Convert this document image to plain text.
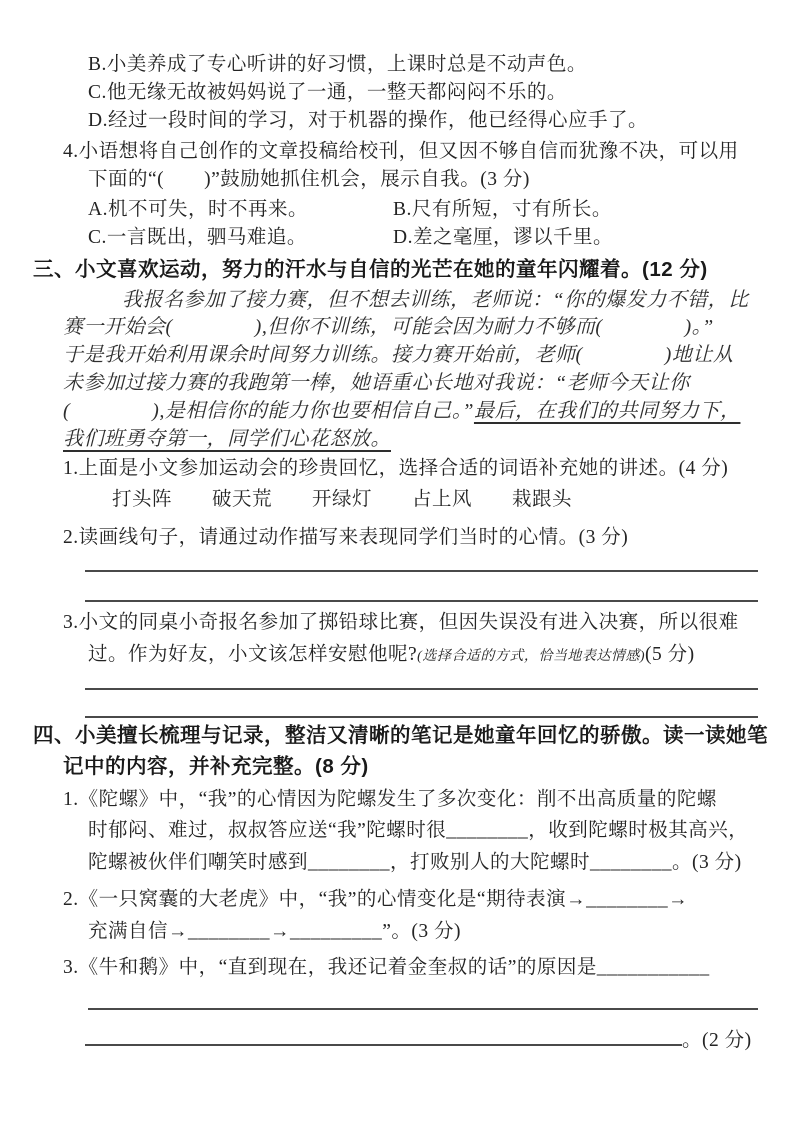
B.小美养成了专心听讲的好习惯，上课时总是不动声色。
C.他无缘无故被妈妈说了一通，一整天都闷闷不乐的。
D.经过一段时间的学习，对于机器的操作，他已经得心应手了。
4.小语想将自己创作的文章投稿给校刊，但又因不够自信而犹豫不决，可以用
下面的“(　　)”鼓励她抓住机会，展示自我。(3 分)
A.机不可失，时不再来。	B.尺有所短，寸有所长。
C.一言既出，驷马难追。	D.差之毫厘，谬以千里。
三、小文喜欢运动，努力的汗水与自信的光芒在她的童年闪耀着。(12 分)
我报名参加了接力赛，但不想去训练，老师说：“你的爆发力不错，比
赛一开始会(　　　　),但你不训练，可能会因为耐力不够而(　　　　)。”
于是我开始利用课余时间努力训练。接力赛开始前，老师(　　　　)地让从
未参加过接力赛的我跑第一棒，她语重心长地对我说：“老师今天让你
(　　　　),是相信你的能力你也要相信自己。”最后，在我们的共同努力下，
我们班勇夺第一，同学们心花怒放。
1.上面是小文参加运动会的珍贵回忆，选择合适的词语补充她的讲述。(4 分)
打头阵　　破天荒　　开绿灯　　占上风　　栽跟头
2.读画线句子，请通过动作描写来表现同学们当时的心情。(3 分)
3.小文的同桌小奇报名参加了掷铅球比赛，但因失误没有进入决赛，所以很难
过。作为好友，小文该怎样安慰他呢?(选择合适的方式，恰当地表达情感)(5 分)
四、小美擅长梳理与记录，整洁又清晰的笔记是她童年回忆的骄傲。读一读她笔
记中的内容，并补充完整。(8 分)
1.《陀螺》中，“我”的心情因为陀螺发生了多次变化：削不出高质量的陀螺
时郁闷、难过，叔叔答应送“我”陀螺时很________，收到陀螺时极其高兴，
陀螺被伙伴们嘲笑时感到________，打败别人的大陀螺时________。(3 分)
2.《一只窝囊的大老虎》中，“我”的心情变化是“期待表演→________→
充满自信→________→_________”。(3 分)
3.《牛和鹅》中，“直到现在，我还记着金奎叔的话”的原因是___________
。(2 分)
